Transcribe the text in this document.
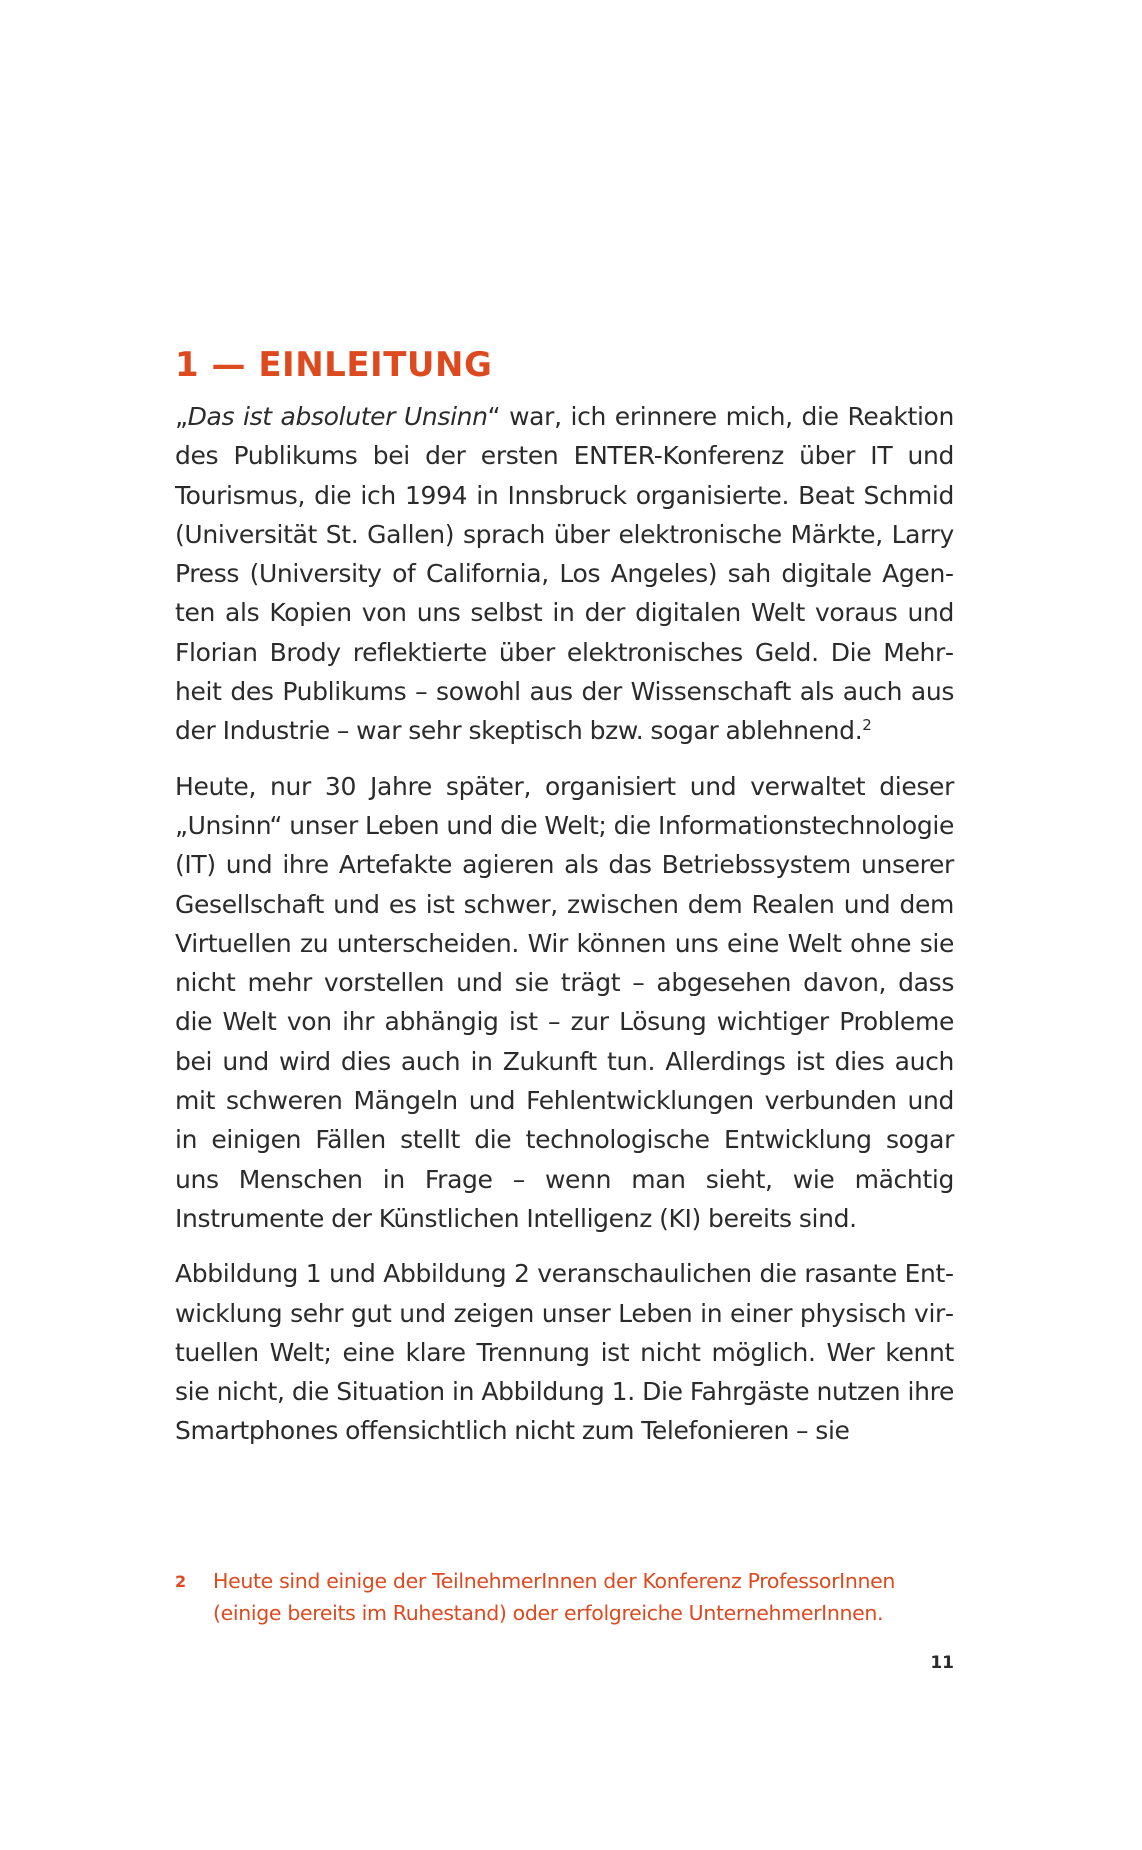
1 — EINLEITUNG

„Das ist absoluter Unsinn“ war, ich erinnere mich, die Reaktion des Publikums bei der ersten ENTER-Konferenz über IT und Tourismus, die ich 1994 in Innsbruck organisierte. Beat Schmid (Universität St. Gallen) sprach über elektronische Märkte, Larry Press (University of California, Los Angeles) sah digitale Agenten als Kopien von uns selbst in der digitalen Welt voraus und Florian Brody reflektierte über elektronisches Geld. Die Mehrheit des Publikums – sowohl aus der Wissenschaft als auch aus der Industrie – war sehr skeptisch bzw. sogar ablehnend.$^2$

Heute, nur 30 Jahre später, organisiert und verwaltet dieser „Unsinn“ unser Leben und die Welt; die Informationstechnologie (IT) und ihre Artefakte agieren als das Betriebssystem unserer Gesellschaft und es ist schwer, zwischen dem Realen und dem Virtuellen zu unterscheiden. Wir können uns eine Welt ohne sie nicht mehr vorstellen und sie trägt – abgesehen davon, dass die Welt von ihr abhängig ist – zur Lösung wichtiger Probleme bei und wird dies auch in Zukunft tun. Allerdings ist dies auch mit schweren Mängeln und Fehlentwicklungen verbunden und in einigen Fällen stellt die technologische Entwicklung sogar uns Menschen in Frage – wenn man sieht, wie mächtig Instrumente der Künstlichen Intelligenz (KI) bereits sind.

Abbildung 1 und Abbildung 2 veranschaulichen die rasante Entwicklung sehr gut und zeigen unser Leben in einer physisch virtuellen Welt; eine klare Trennung ist nicht möglich. Wer kennt sie nicht, die Situation in Abbildung 1. Die Fahrgäste nutzen ihre Smartphones offensichtlich nicht zum Telefonieren – sie

2	Heute sind einige der TeilnehmerInnen der Konferenz ProfessorInnen (einige bereits im Ruhestand) oder erfolgreiche UnternehmerInnen.
11
